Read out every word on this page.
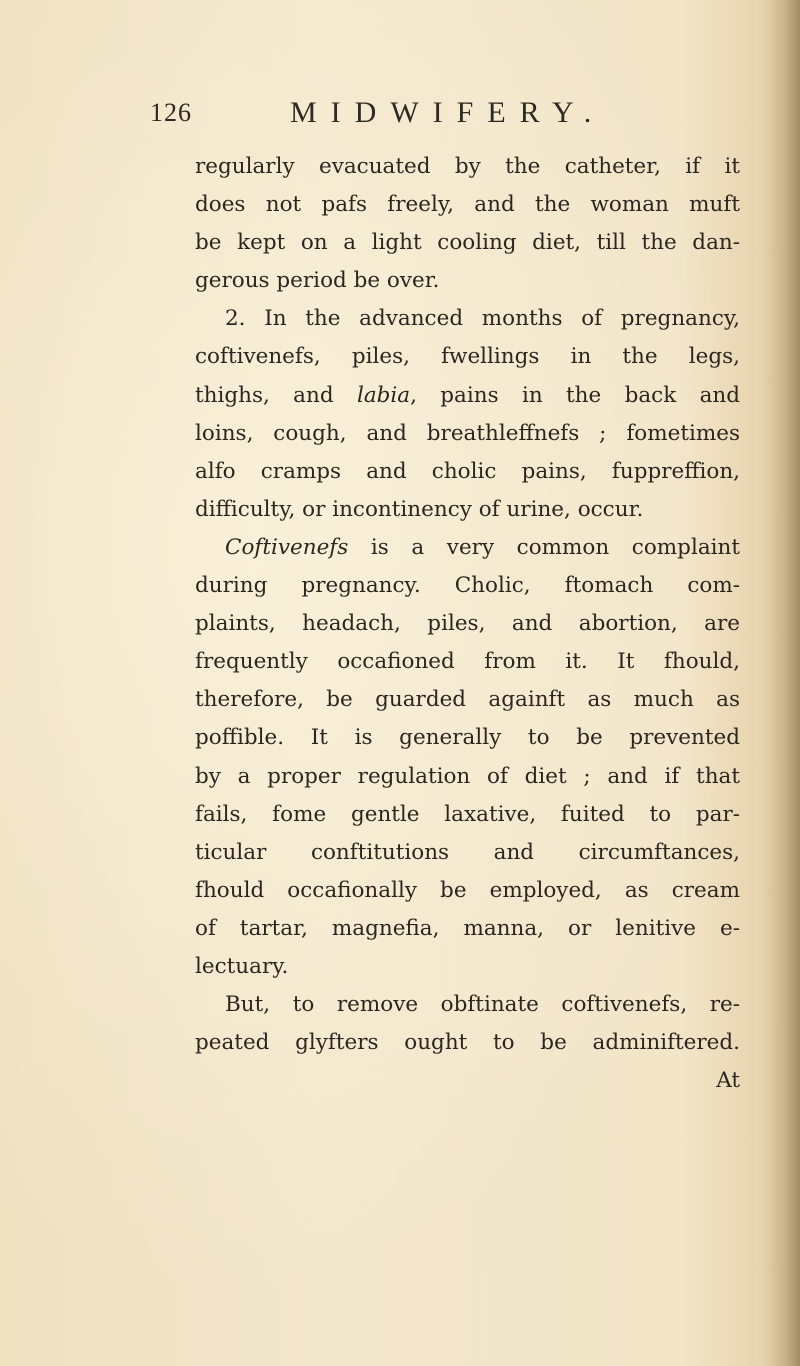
126	MIDWIFERY.
regularly evacuated by the catheter, if it
does not pafs freely, and the woman muft
be kept on a light cooling diet, till the dan-
gerous period be over.
2. In the advanced months of pregnancy,
coftivenefs, piles, fwellings in the legs,
thighs, and labia, pains in the back and
loins, cough, and breathleffnefs ; fometimes
alfo cramps and cholic pains, fuppreffion,
difficulty, or incontinency of urine, occur.
Coftivenefs is a very common complaint
during pregnancy. Cholic, ftomach com-
plaints, headach, piles, and abortion, are
frequently occafioned from it. It fhould,
therefore, be guarded againft as much as
poffible. It is generally to be prevented
by a proper regulation of diet ; and if that
fails, fome gentle laxative, fuited to par-
ticular conftitutions and circumftances,
fhould occafionally be employed, as cream
of tartar, magnefia, manna, or lenitive e-
lectuary.
But, to remove obftinate coftivenefs, re-
peated glyfters ought to be adminiftered.
At
